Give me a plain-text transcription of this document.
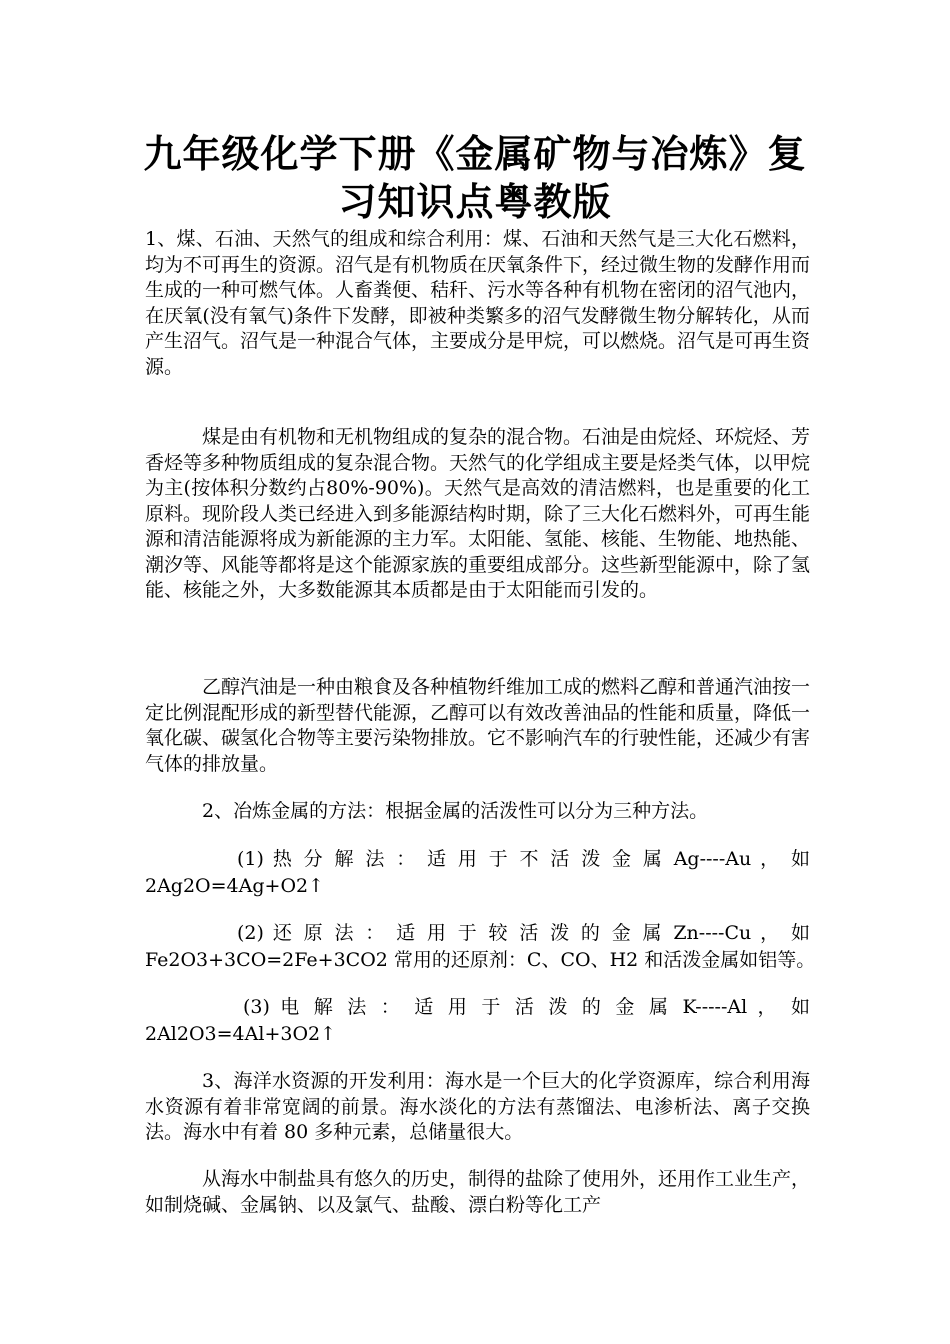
九年级化学下册《金属矿物与冶炼》复
习知识点粤教版

1、煤、石油、天然气的组成和综合利用：煤、石油和天然气是三大化石燃料，均为不可再生的资源。沼气是有机物质在厌氧条件下，经过微生物的发酵作用而生成的一种可燃气体。人畜粪便、秸秆、污水等各种有机物在密闭的沼气池内，在厌氧(没有氧气)条件下发酵，即被种类繁多的沼气发酵微生物分解转化，从而产生沼气。沼气是一种混合气体，主要成分是甲烷，可以燃烧。沼气是可再生资源。

煤是由有机物和无机物组成的复杂的混合物。石油是由烷烃、环烷烃、芳香烃等多种物质组成的复杂混合物。天然气的化学组成主要是烃类气体，以甲烷为主(按体积分数约占80%-90%)。天然气是高效的清洁燃料，也是重要的化工原料。现阶段人类已经进入到多能源结构时期，除了三大化石燃料外，可再生能源和清洁能源将成为新能源的主力军。太阳能、氢能、核能、生物能、地热能、潮汐等、风能等都将是这个能源家族的重要组成部分。这些新型能源中，除了氢能、核能之外，大多数能源其本质都是由于太阳能而引发的。

乙醇汽油是一种由粮食及各种植物纤维加工成的燃料乙醇和普通汽油按一定比例混配形成的新型替代能源，乙醇可以有效改善油品的性能和质量，降低一氧化碳、碳氢化合物等主要污染物排放。它不影响汽车的行驶性能，还减少有害气体的排放量。

2、冶炼金属的方法：根据金属的活泼性可以分为三种方法。

(1) 热 分 解 法 ： 适 用 于 不 活 泼 金 属 Ag----Au ， 如

2Ag2O=4Ag+O2↑

(2) 还 原 法 ： 适 用 于 较 活 泼 的 金 属 Zn----Cu ， 如

Fe2O3+3CO=2Fe+3CO2 常用的还原剂：C、CO、H2 和活泼金属如铝等。

(3) 电 解 法 ： 适 用 于 活 泼 的 金 属 K-----Al ， 如

2Al2O3=4Al+3O2↑

3、海洋水资源的开发利用：海水是一个巨大的化学资源库，综合利用海水资源有着非常宽阔的前景。海水淡化的方法有蒸馏法、电渗析法、离子交换法。海水中有着 80 多种元素，总储量很大。

从海水中制盐具有悠久的历史，制得的盐除了使用外，还用作工业生产，如制烧碱、金属钠、以及氯气、盐酸、漂白粉等化工产
